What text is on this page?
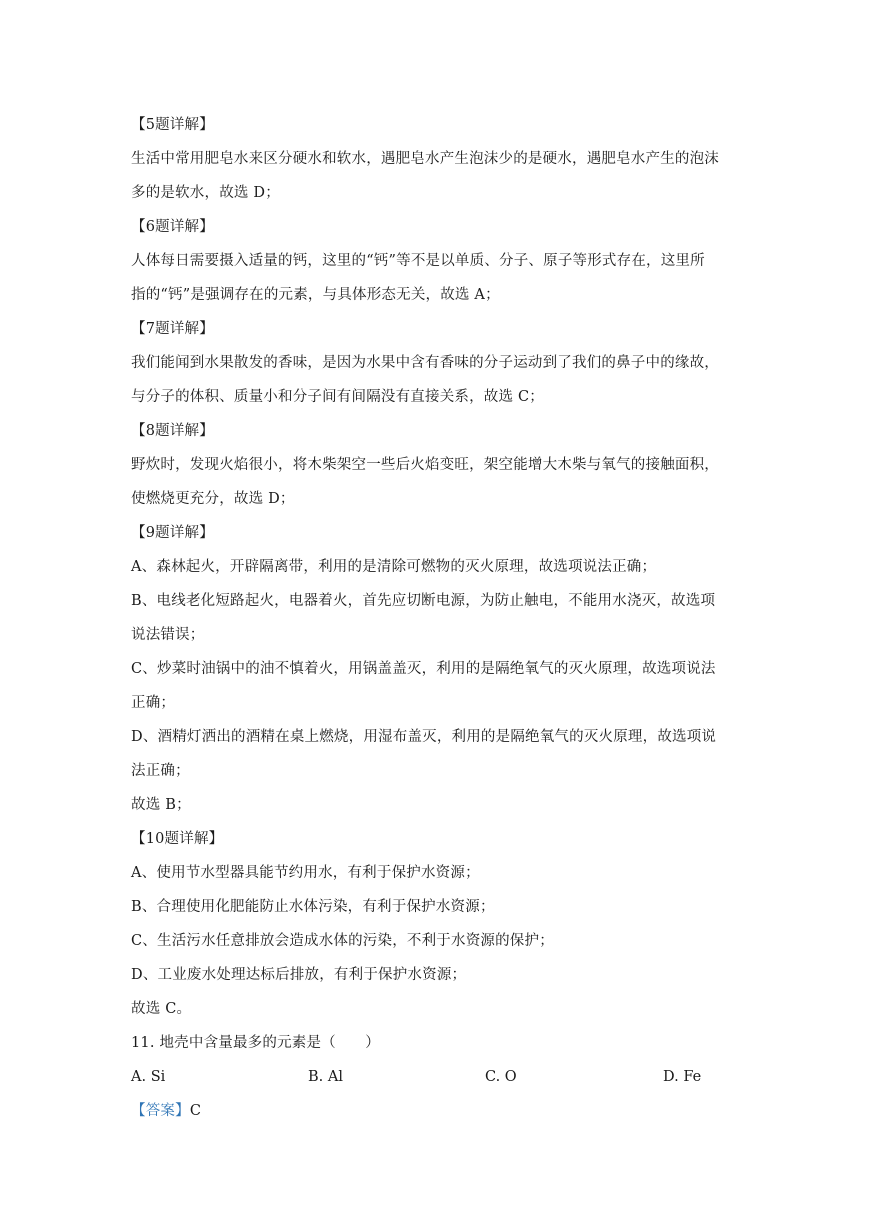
【5题详解】
生活中常用肥皂水来区分硬水和软水，遇肥皂水产生泡沫少的是硬水，遇肥皂水产生的泡沫
多的是软水，故选 D；
【6题详解】
人体每日需要摄入适量的钙，这里的“钙”等不是以单质、分子、原子等形式存在，这里所
指的“钙”是强调存在的元素，与具体形态无关，故选 A；
【7题详解】
我们能闻到水果散发的香味，是因为水果中含有香味的分子运动到了我们的鼻子中的缘故，
与分子的体积、质量小和分子间有间隔没有直接关系，故选 C；
【8题详解】
野炊时，发现火焰很小，将木柴架空一些后火焰变旺，架空能增大木柴与氧气的接触面积，
使燃烧更充分，故选 D；
【9题详解】
A、森林起火，开辟隔离带，利用的是清除可燃物的灭火原理，故选项说法正确；
B、电线老化短路起火，电器着火，首先应切断电源，为防止触电，不能用水浇灭，故选项
说法错误；
C、炒菜时油锅中的油不慎着火，用锅盖盖灭，利用的是隔绝氧气的灭火原理，故选项说法
正确；
D、酒精灯洒出的酒精在桌上燃烧，用湿布盖灭，利用的是隔绝氧气的灭火原理，故选项说
法正确；
故选 B；
【10题详解】
A、使用节水型器具能节约用水，有利于保护水资源；
B、合理使用化肥能防止水体污染，有利于保护水资源；
C、生活污水任意排放会造成水体的污染，不利于水资源的保护；
D、工业废水处理达标后排放，有利于保护水资源；
故选 C。
11. 地壳中含量最多的元素是（　　）
A. Si	B. Al	C. O	D. Fe
【答案】C
